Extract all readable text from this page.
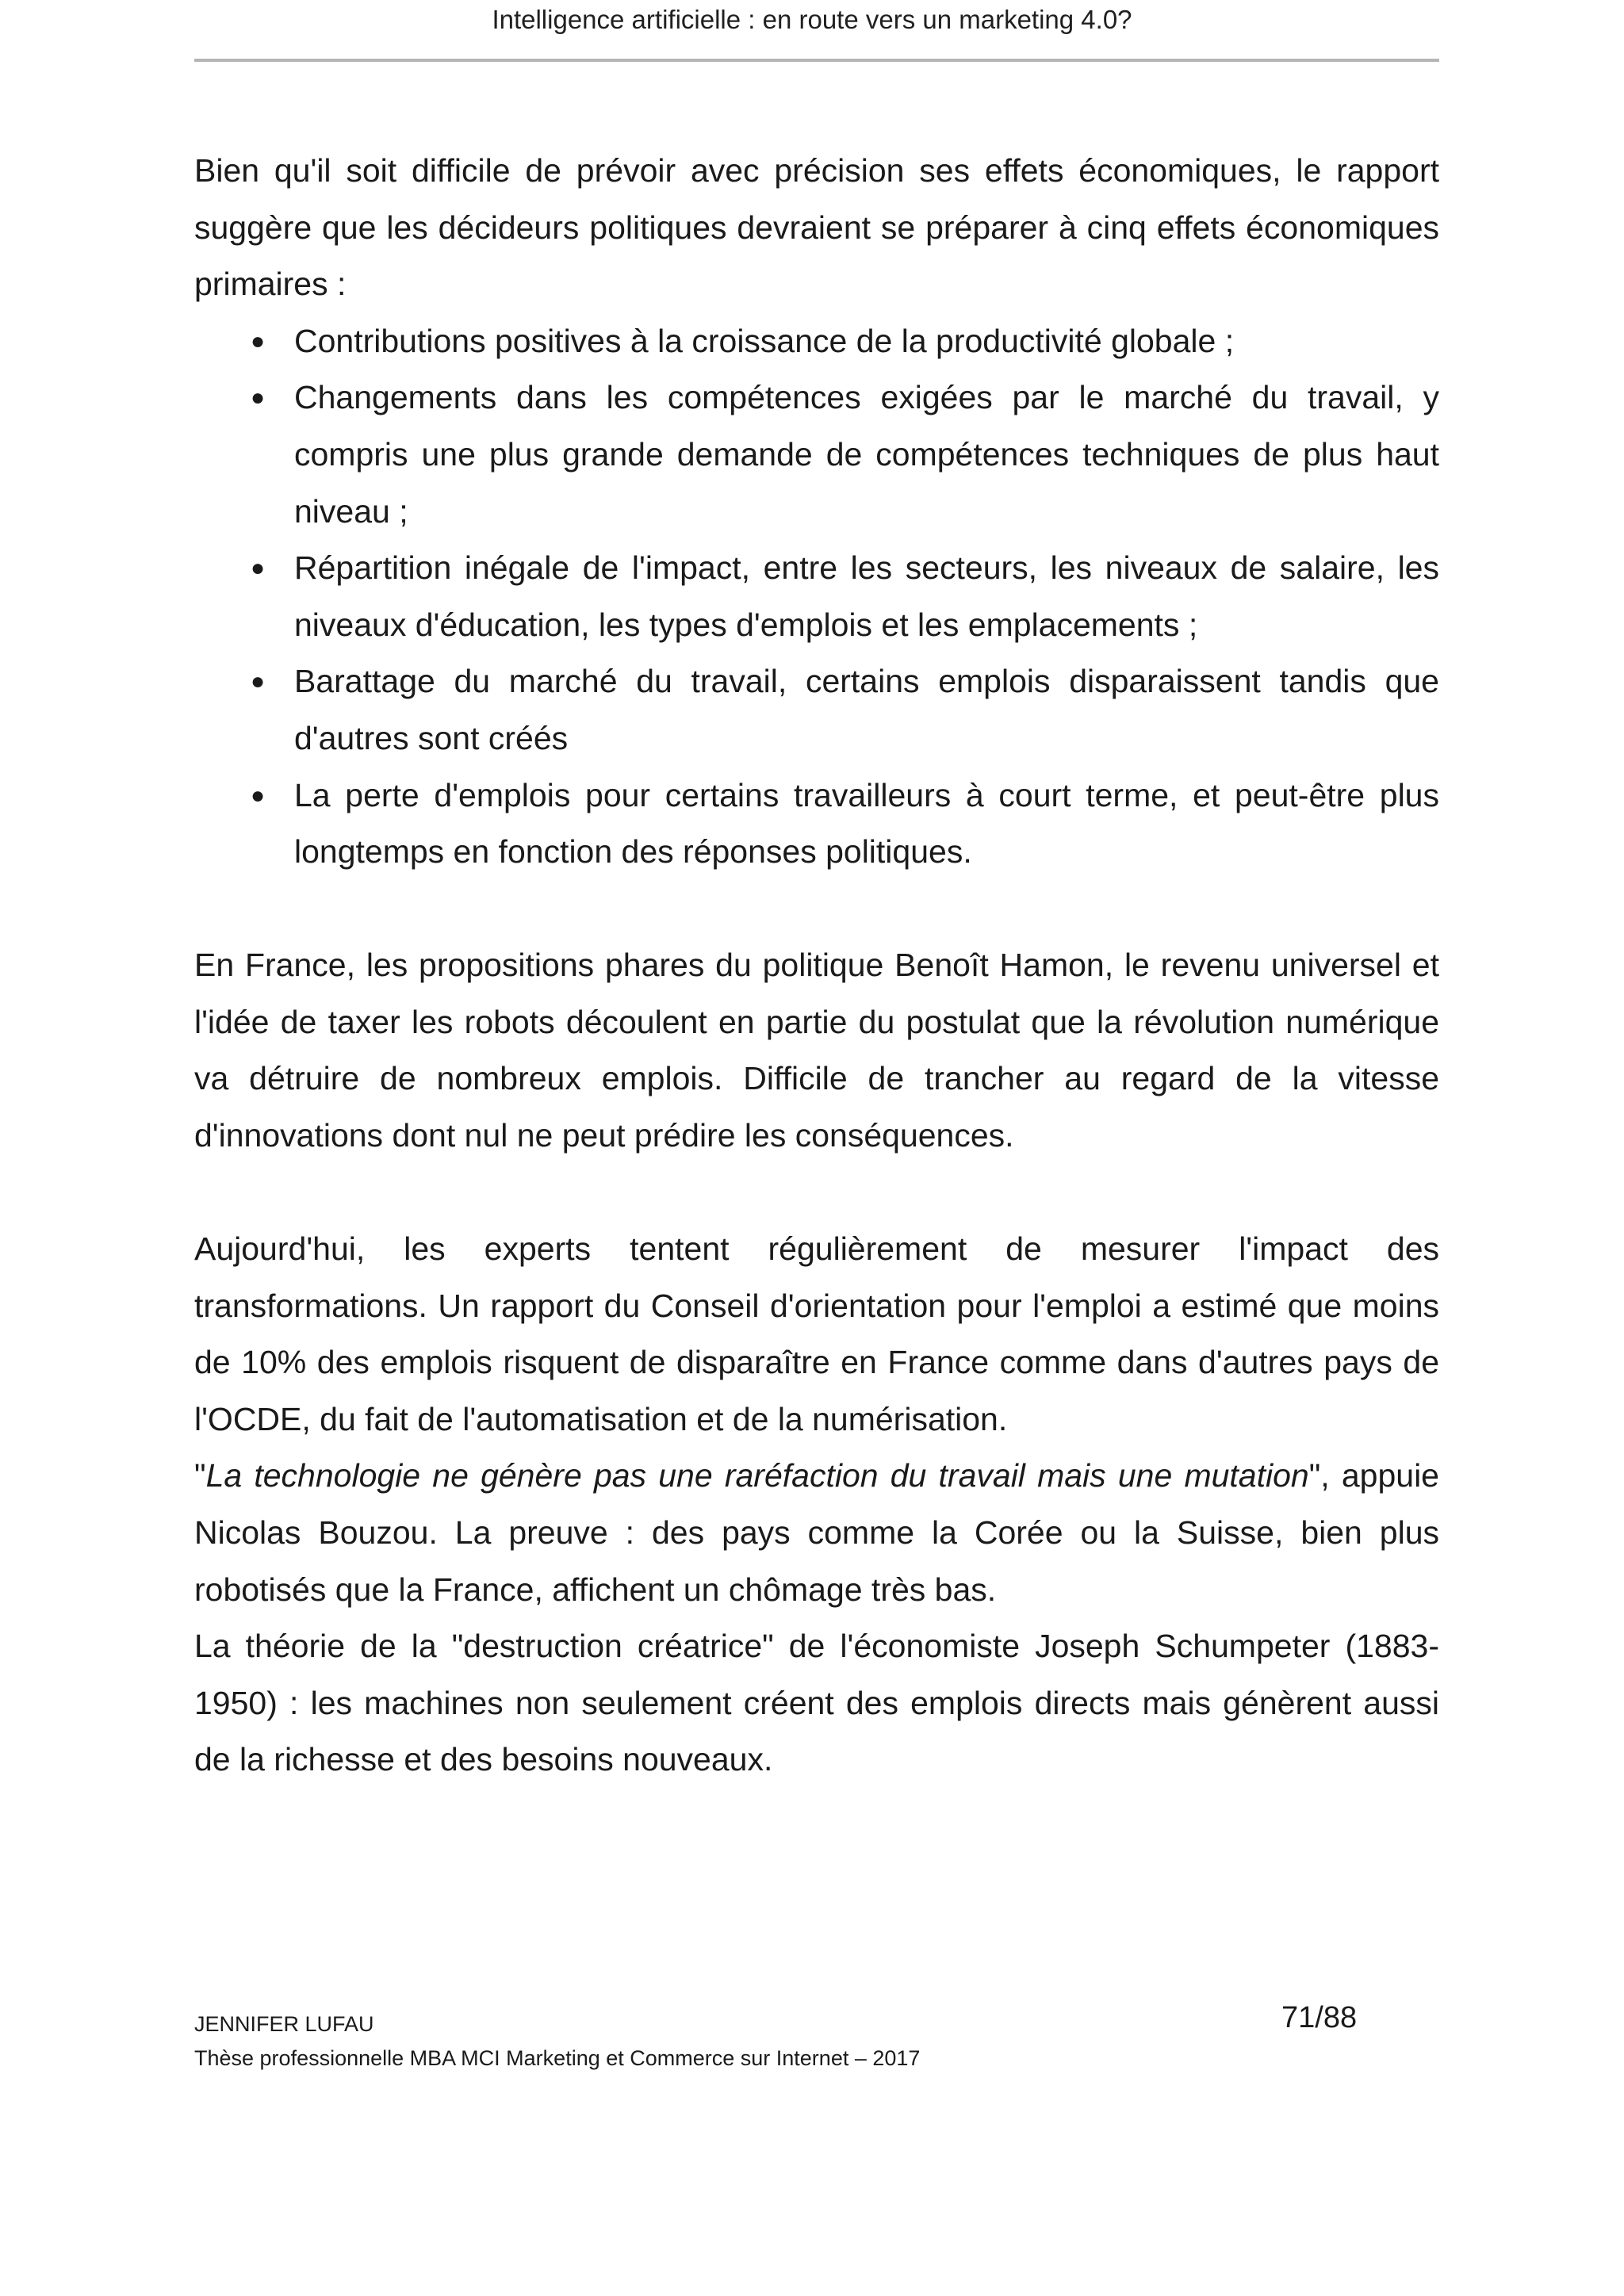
Intelligence artificielle : en route vers un marketing 4.0?

Bien qu'il soit difficile de prévoir avec précision ses effets économiques, le rapport suggère que les décideurs politiques devraient se préparer à cinq effets économiques primaires :

● Contributions positives à la croissance de la productivité globale ;
● Changements dans les compétences exigées par le marché du travail, y compris une plus grande demande de compétences techniques de plus haut niveau ;
● Répartition inégale de l'impact, entre les secteurs, les niveaux de salaire, les niveaux d'éducation, les types d'emplois et les emplacements ;
● Barattage du marché du travail, certains emplois disparaissent tandis que d'autres sont créés
● La perte d'emplois pour certains travailleurs à court terme, et peut-être plus longtemps en fonction des réponses politiques.

En France, les propositions phares du politique Benoît Hamon, le revenu universel et l'idée de taxer les robots découlent en partie du postulat que la révolution numérique va détruire de nombreux emplois. Difficile de trancher au regard de la vitesse d'innovations dont nul ne peut prédire les conséquences.

Aujourd'hui, les experts tentent régulièrement de mesurer l'impact des transformations. Un rapport du Conseil d'orientation pour l'emploi a estimé que moins de 10% des emplois risquent de disparaître en France comme dans d'autres pays de l'OCDE, du fait de l'automatisation et de la numérisation.

"La technologie ne génère pas une raréfaction du travail mais une mutation", appuie Nicolas Bouzou. La preuve : des pays comme la Corée ou la Suisse, bien plus robotisés que la France, affichent un chômage très bas.

La théorie de la "destruction créatrice" de l'économiste Joseph Schumpeter (1883-1950) : les machines non seulement créent des emplois directs mais génèrent aussi de la richesse et des besoins nouveaux.

JENNIFER LUFAU	71/88
Thèse professionnelle MBA MCI Marketing et Commerce sur Internet – 2017
